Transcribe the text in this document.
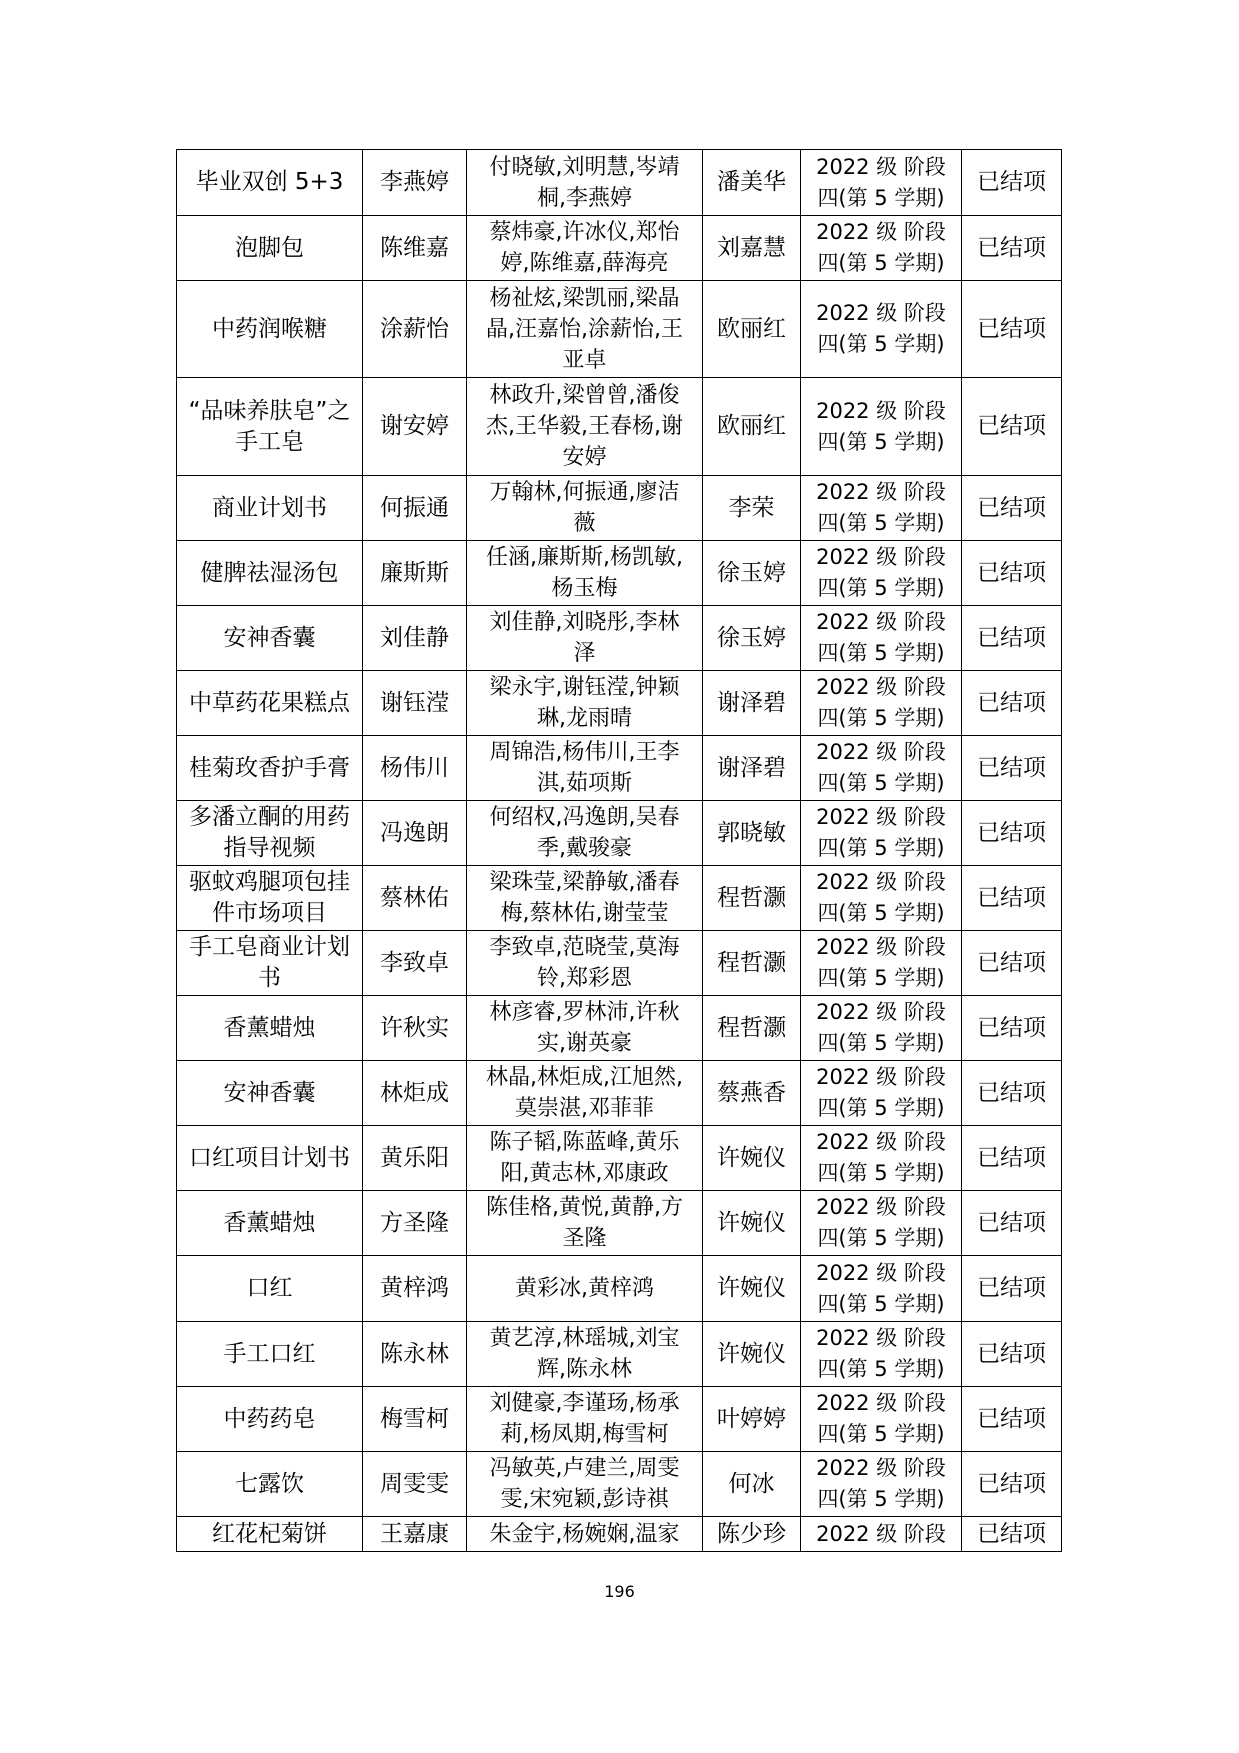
毕业双创 5+3	李燕婷	付晓敏,刘明慧,岑靖
桐,李燕婷	潘美华	2022 级 阶段
四(第 5 学期)	已结项

泡脚包	陈维嘉	蔡炜豪,许冰仪,郑怡
婷,陈维嘉,薛海亮	刘嘉慧	2022 级 阶段
四(第 5 学期)	已结项

中药润喉糖	涂薪怡	杨祉炫,梁凯丽,梁晶
晶,汪嘉怡,涂薪怡,王
亚卓	欧丽红	2022 级 阶段
四(第 5 学期)	已结项

“品味养肤皂”之
手工皂	谢安婷	林政升,梁曾曾,潘俊
杰,王华毅,王春杨,谢
安婷	欧丽红	2022 级 阶段
四(第 5 学期)	已结项

商业计划书	何振通	万翰林,何振通,廖洁
薇	李荣	2022 级 阶段
四(第 5 学期)	已结项

健脾祛湿汤包	廉斯斯	任涵,廉斯斯,杨凯敏,
杨玉梅	徐玉婷	2022 级 阶段
四(第 5 学期)	已结项

安神香囊	刘佳静	刘佳静,刘晓彤,李林
泽	徐玉婷	2022 级 阶段
四(第 5 学期)	已结项

中草药花果糕点	谢钰滢	梁永宇,谢钰滢,钟颖
琳,龙雨晴	谢泽碧	2022 级 阶段
四(第 5 学期)	已结项

桂菊玫香护手膏	杨伟川	周锦浩,杨伟川,王李
淇,茹项斯	谢泽碧	2022 级 阶段
四(第 5 学期)	已结项

多潘立酮的用药
指导视频	冯逸朗	何绍权,冯逸朗,吴春
季,戴骏豪	郭晓敏	2022 级 阶段
四(第 5 学期)	已结项

驱蚊鸡腿项包挂
件市场项目	蔡林佑	梁珠莹,梁静敏,潘春
梅,蔡林佑,谢莹莹	程哲灏	2022 级 阶段
四(第 5 学期)	已结项

手工皂商业计划
书	李致卓	李致卓,范晓莹,莫海
铃,郑彩恩	程哲灏	2022 级 阶段
四(第 5 学期)	已结项

香薰蜡烛	许秋实	林彦睿,罗林沛,许秋
实,谢英豪	程哲灏	2022 级 阶段
四(第 5 学期)	已结项

安神香囊	林炬成	林晶,林炬成,江旭然,
莫崇湛,邓菲菲	蔡燕香	2022 级 阶段
四(第 5 学期)	已结项

口红项目计划书	黄乐阳	陈子韬,陈蓝峰,黄乐
阳,黄志林,邓康政	许婉仪	2022 级 阶段
四(第 5 学期)	已结项

香薰蜡烛	方圣隆	陈佳格,黄悦,黄静,方
圣隆	许婉仪	2022 级 阶段
四(第 5 学期)	已结项

口红	黄梓鸿	黄彩冰,黄梓鸿	许婉仪	2022 级 阶段
四(第 5 学期)	已结项

手工口红	陈永林	黄艺淳,林瑶城,刘宝
辉,陈永林	许婉仪	2022 级 阶段
四(第 5 学期)	已结项

中药药皂	梅雪柯	刘健豪,李谨玚,杨承
莉,杨凤期,梅雪柯	叶婷婷	2022 级 阶段
四(第 5 学期)	已结项

七露饮	周雯雯	冯敏英,卢建兰,周雯
雯,宋宛颖,彭诗祺	何冰	2022 级 阶段
四(第 5 学期)	已结项

红花杞菊饼	王嘉康	朱金宇,杨婉娴,温家	陈少珍	2022 级 阶段	已结项
196
